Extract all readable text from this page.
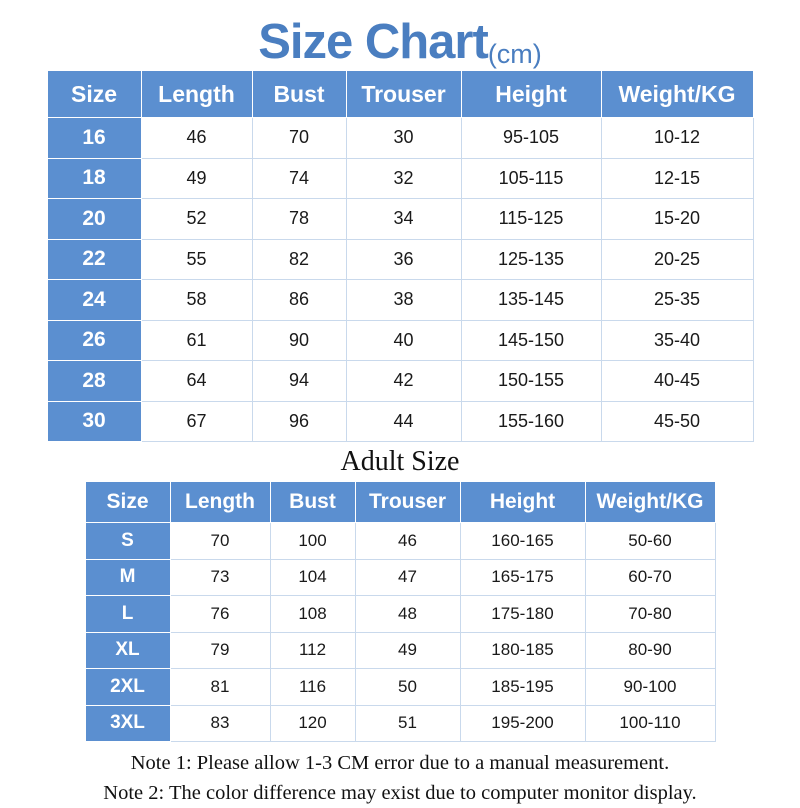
Size Chart(cm)
Size	Length	Bust	Trouser	Height	Weight/KG
16	46	70	30	95-105	10-12
18	49	74	32	105-115	12-15
20	52	78	34	115-125	15-20
22	55	82	36	125-135	20-25
24	58	86	38	135-145	25-35
26	61	90	40	145-150	35-40
28	64	94	42	150-155	40-45
30	67	96	44	155-160	45-50
Adult Size
Size	Length	Bust	Trouser	Height	Weight/KG
S	70	100	46	160-165	50-60
M	73	104	47	165-175	60-70
L	76	108	48	175-180	70-80
XL	79	112	49	180-185	80-90
2XL	81	116	50	185-195	90-100
3XL	83	120	51	195-200	100-110
Note 1: Please allow 1-3 CM error due to a manual measurement.
Note 2: The color difference may exist due to computer monitor display.
